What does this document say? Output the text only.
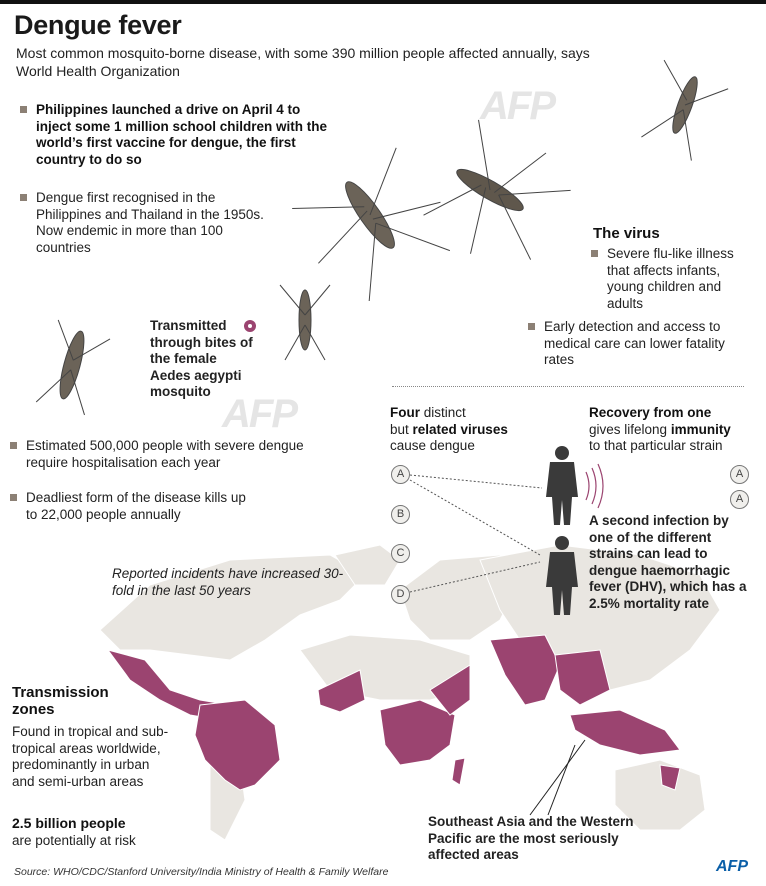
Dengue fever
Most common mosquito-borne disease, with some 390 million people affected annually, says World Health Organization
AFP
AFP
Philippines launched a drive on April 4 to inject some 1 million school children with the world’s first vaccine for dengue, the first country to do so
Dengue first recognised in the Philippines and Thailand in the 1950s. Now endemic in more than 100 countries
Transmitted through bites of the female Aedes aegypti mosquito
Estimated 500,000 people with severe dengue require hospitalisation each year
Deadliest form of the disease kills up to 22,000 people annually
The virus
Severe flu-like illness that affects infants, young children and adults
Early detection and access to medical care can lower fatality rates
Four distinct
but related viruses
cause dengue
A
B
C
D
A
A
Recovery from one
gives lifelong immunity
to that particular strain
A second infection by one of the different strains can lead to dengue haemorrhagic fever (DHV), which has a 2.5% mortality rate
Reported incidents have increased 30-fold in the last 50 years
Transmission zones
Found in tropical and sub-tropical areas worldwide, predominantly in urban and semi-urban areas
2.5 billion people
are potentially at risk
Southeast Asia and the Western Pacific are the most seriously affected areas
Source: WHO/CDC/Stanford University/India Ministry of Health & Family Welfare	AFP
